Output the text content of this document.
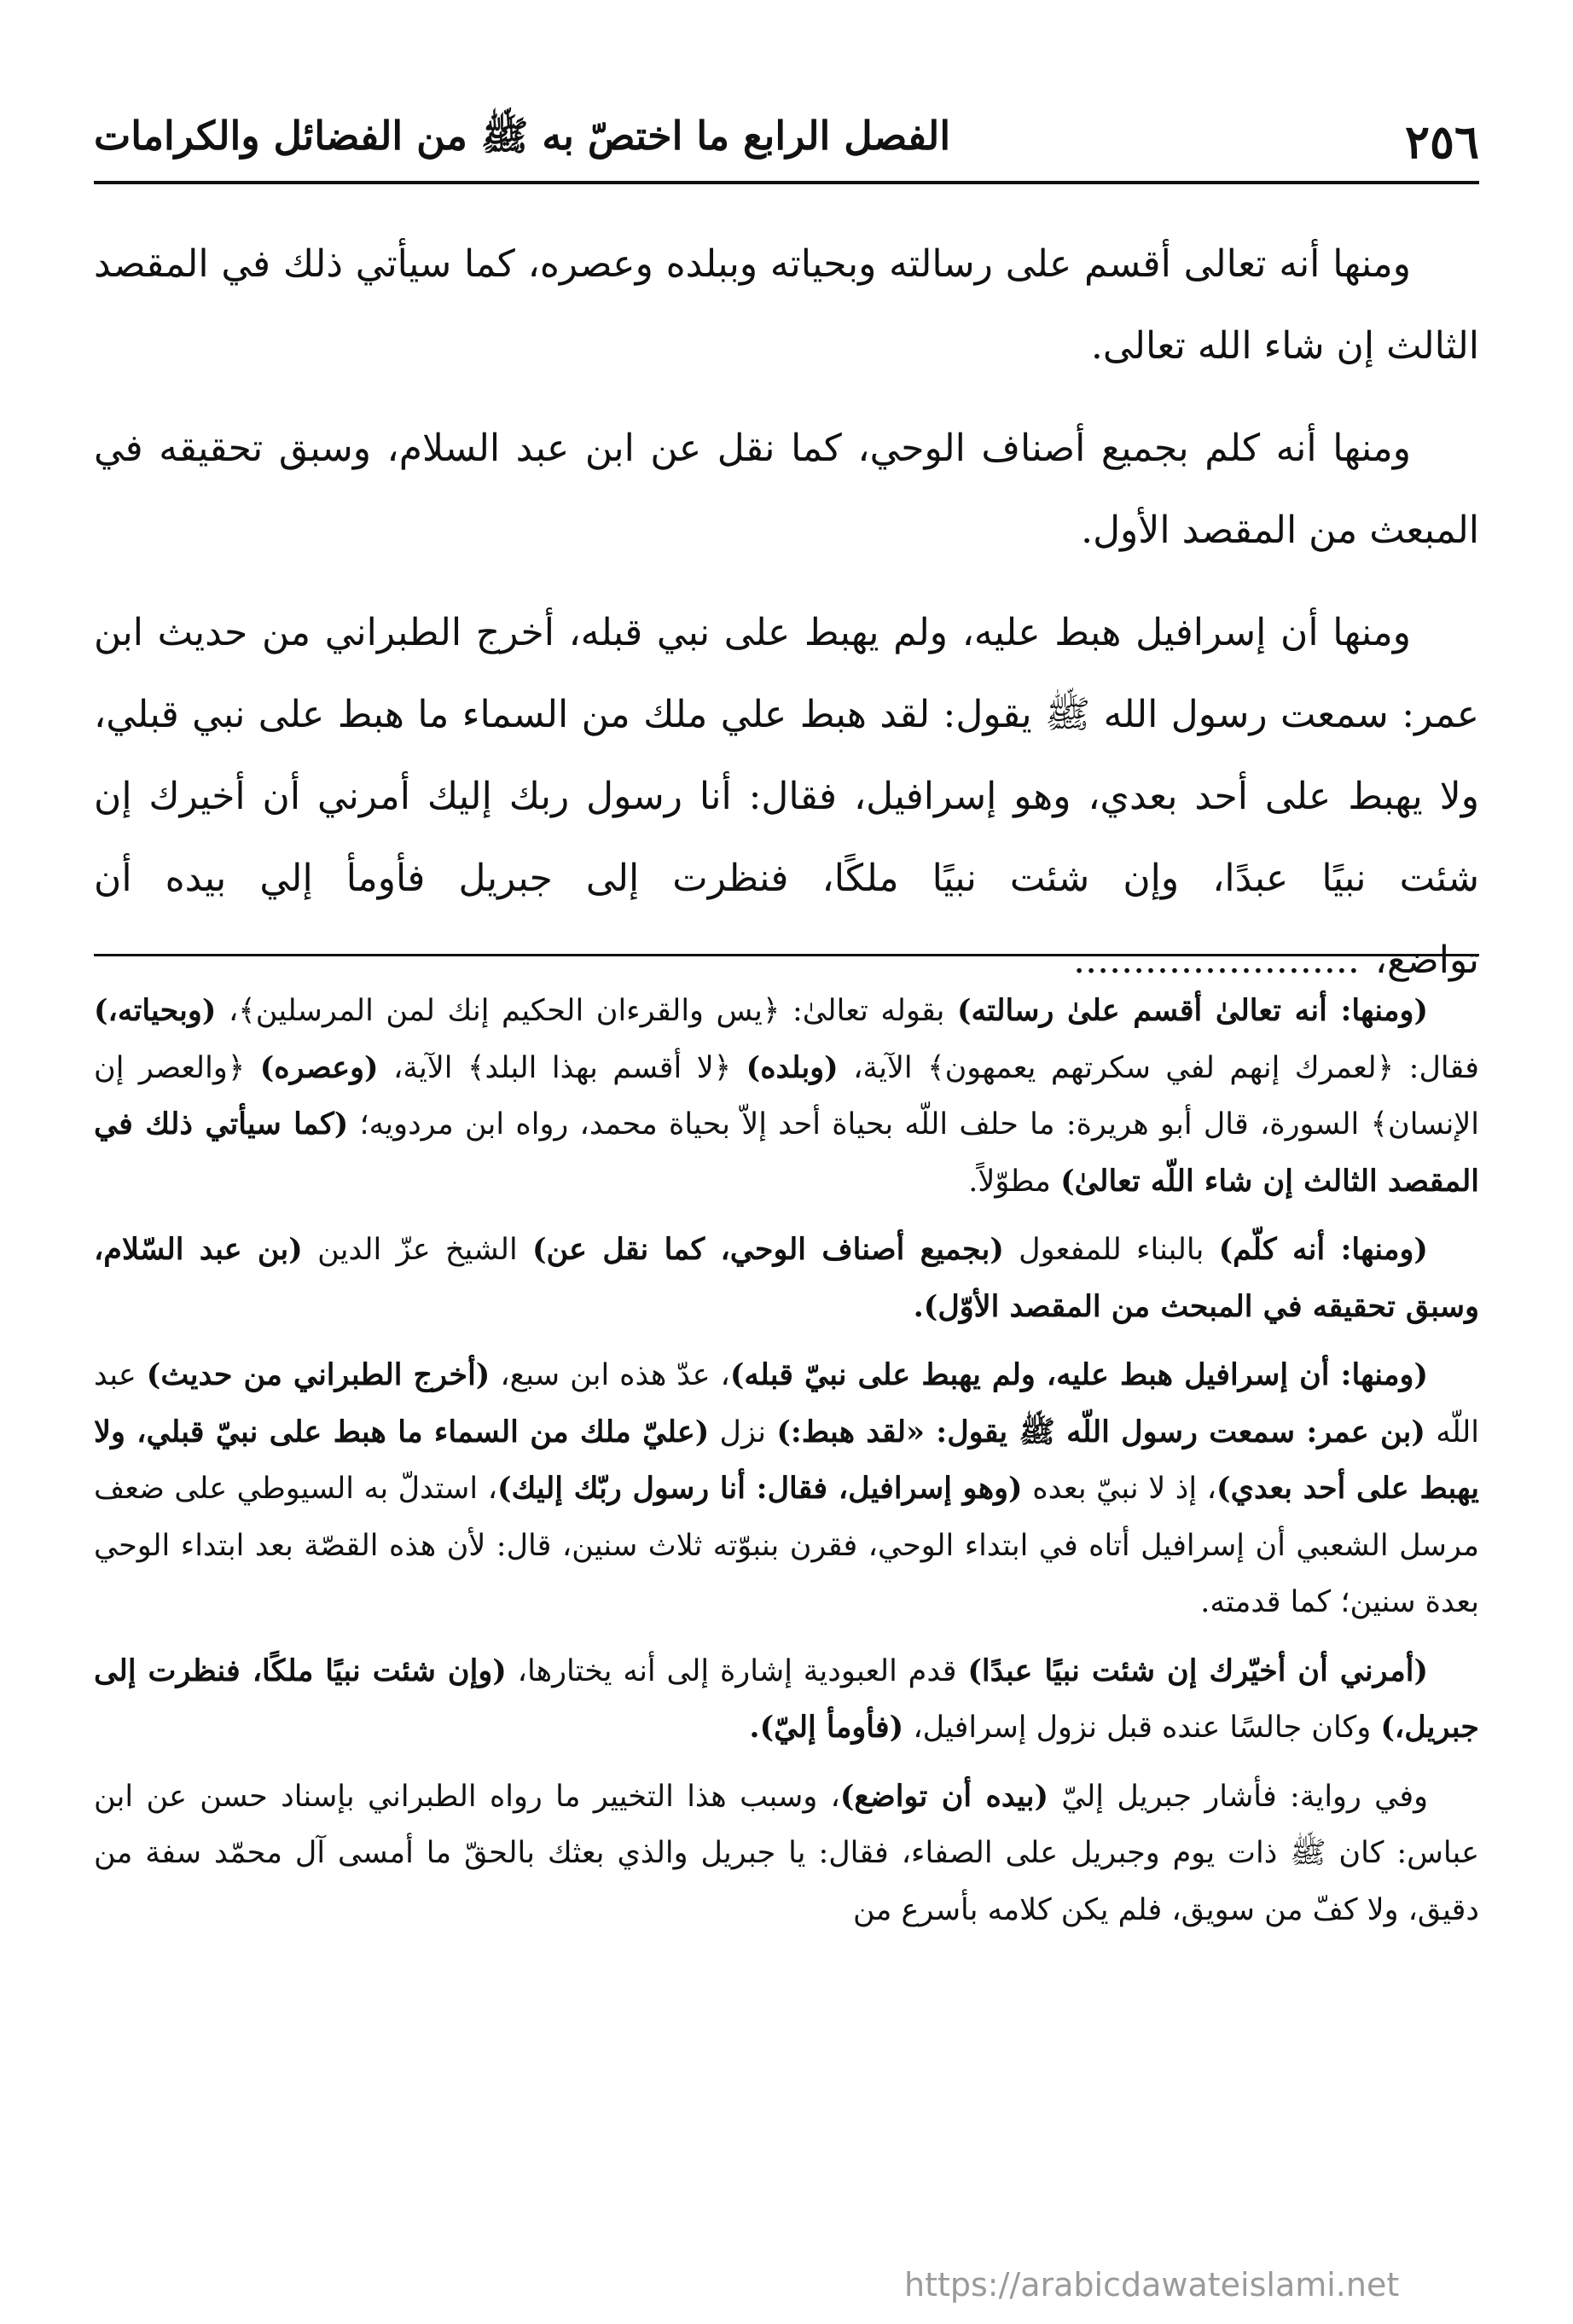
٢٥٦
الفصل الرابع ما اختصّ به ﷺ من الفضائل والكرامات

ومنها أنه تعالى أقسم على رسالته وبحياته وببلده وعصره، كما سيأتي ذلك في المقصد الثالث إن شاء الله تعالى.

ومنها أنه كلم بجميع أصناف الوحي، كما نقل عن ابن عبد السلام، وسبق تحقيقه في المبعث من المقصد الأول.

ومنها أن إسرافيل هبط عليه، ولم يهبط على نبي قبله، أخرج الطبراني من حديث ابن عمر: سمعت رسول الله ﷺ يقول: لقد هبط علي ملك من السماء ما هبط على نبي قبلي، ولا يهبط على أحد بعدي، وهو إسرافيل، فقال: أنا رسول ربك إليك أمرني أن أخيرك إن شئت نبيًا عبدًا، وإن شئت نبيًا ملكًا، فنظرت إلى جبريل فأومأ إلي بيده أن تواضع،........................

(ومنها: أنه تعالىٰ أقسم علىٰ رسالته) بقوله تعالىٰ: ﴿يس والقرءان الحكيم إنك لمن المرسلين﴾، (وبحياته،) فقال: ﴿لعمرك إنهم لفي سكرتهم يعمهون﴾ الآية، (وبلده) ﴿لا أقسم بهذا البلد﴾ الآية، (وعصره) ﴿والعصر إن الإنسان﴾ السورة، قال أبو هريرة: ما حلف اللّه بحياة أحد إلاّ بحياة محمد، رواه ابن مردويه؛ (كما سيأتي ذلك في المقصد الثالث إن شاء اللّه تعالىٰ) مطوّلاً.

(ومنها: أنه كلّم) بالبناء للمفعول (بجميع أصناف الوحي، كما نقل عن) الشيخ عزّ الدين (بن عبد السّلام، وسبق تحقيقه في المبحث من المقصد الأوّل).

(ومنها: أن إسرافيل هبط عليه، ولم يهبط على نبيّ قبله)، عدّ هذه ابن سبع، (أخرج الطبراني من حديث) عبد اللّه (بن عمر: سمعت رسول اللّه ﷺ يقول: «لقد هبط:) نزل (عليّ ملك من السماء ما هبط على نبيّ قبلي، ولا يهبط على أحد بعدي)، إذ لا نبيّ بعده (وهو إسرافيل، فقال: أنا رسول ربّك إليك)، استدلّ به السيوطي على ضعف مرسل الشعبي أن إسرافيل أتاه في ابتداء الوحي، فقرن بنبوّته ثلاث سنين، قال: لأن هذه القصّة بعد ابتداء الوحي بعدة سنين؛ كما قدمته.

(أمرني أن أخيّرك إن شئت نبيًا عبدًا) قدم العبودية إشارة إلى أنه يختارها، (وإن شئت نبيًا ملكًا، فنظرت إلى جبريل،) وكان جالسًا عنده قبل نزول إسرافيل، (فأومأ إليّ).

وفي رواية: فأشار جبريل إليّ (بيده أن تواضع)، وسبب هذا التخيير ما رواه الطبراني بإسناد حسن عن ابن عباس: كان ﷺ ذات يوم وجبريل على الصفاء، فقال: يا جبريل والذي بعثك بالحقّ ما أمسى آل محمّد سفة من دقيق، ولا كفّ من سويق، فلم يكن كلامه بأسرع من

https://arabicdawateislami.net
